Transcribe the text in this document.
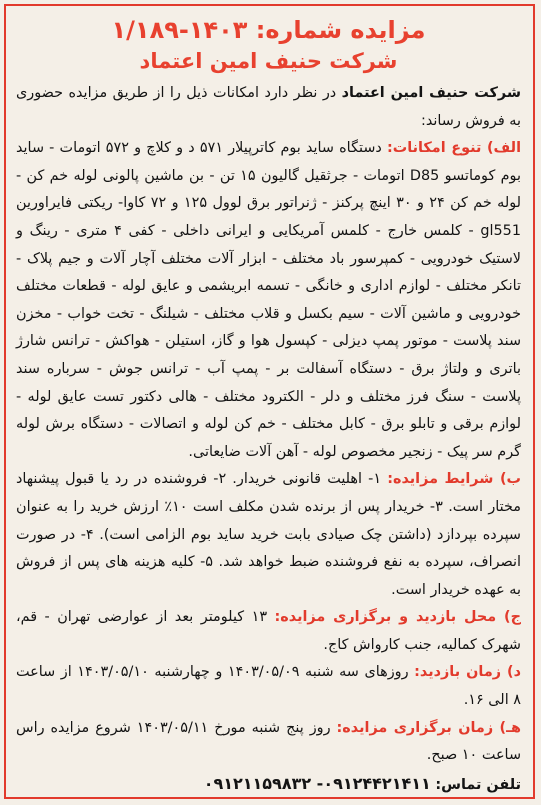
مزایده شماره: ۱۴۰۳-۱/۱۸۹
شرکت حنیف امین اعتماد

شرکت حنیف امین اعتماد در نظر دارد امکانات ذیل را از طریق مزایده حضوری به فروش رساند:

الف) تنوع امکانات: دستگاه ساید بوم کاترپیلار ۵۷۱ د و کلاچ و ۵۷۲ اتومات - ساید بوم کوماتسو D85 اتومات - جرثقیل گالیون ۱۵ تن - بن ماشین پالونی لوله خم کن - لوله خم کن ۲۴ و ۳۰ اینچ پرکنز - ژنراتور برق لوول ۱۲۵ و ۷۲ کاوا- ریکتی فایراورین gl551 - کلمس خارج - کلمس آمریکایی و ایرانی داخلی - کفی ۴ متری - رینگ و لاستیک خودرویی - کمپرسور باد مختلف - ابزار آلات مختلف آچار آلات و جیم پلاک - تانکر مختلف - لوازم اداری و خانگی - تسمه ابریشمی و عایق لوله - قطعات مختلف خودرویی و ماشین آلات - سیم بکسل و قلاب مختلف - شیلنگ - تخت خواب - مخزن سند پلاست - موتور پمپ دیزلی - کپسول هوا و گاز، استیلن - هواکش - ترانس شارژ باتری و ولتاژ برق - دستگاه آسفالت بر - پمپ آب - ترانس جوش - سرباره سند پلاست - سنگ فرز مختلف و دلر - الکترود مختلف - هالی دکتور تست عایق لوله - لوازم برقی و تابلو برق - کابل مختلف - خم کن لوله و اتصالات - دستگاه برش لوله گرم سر پیک - زنجیر مخصوص لوله - آهن آلات ضایعاتی.

ب) شرایط مزایده: ۱- اهلیت قانونی خریدار. ۲- فروشنده در رد یا قبول پیشنهاد مختار است. ۳- خریدار پس از برنده شدن مکلف است ۱۰٪ ارزش خرید را به عنوان سپرده بپردازد (داشتن چک صیادی بابت خرید ساید بوم الزامی است). ۴- در صورت انصراف، سپرده به نفع فروشنده ضبط خواهد شد. ۵- کلیه هزینه های پس از فروش به عهده خریدار است.

ج) محل بازدید و برگزاری مزایده: ۱۳ کیلومتر بعد از عوارضی تهران - قم، شهرک کمالیه، جنب کارواش کاج.

د) زمان بازدید: روزهای سه شنبه ۱۴۰۳/۰۵/۰۹ و چهارشنبه ۱۴۰۳/۰۵/۱۰ از ساعت ۸ الی ۱۶.

هـ) زمان برگزاری مزایده: روز پنج شنبه مورخ ۱۴۰۳/۰۵/۱۱ شروع مزایده راس ساعت ۱۰ صبح.

تلفن تماس: ۰۹۱۲۴۴۲۱۴۱۱- ۰۹۱۲۱۱۵۹۸۳۲
